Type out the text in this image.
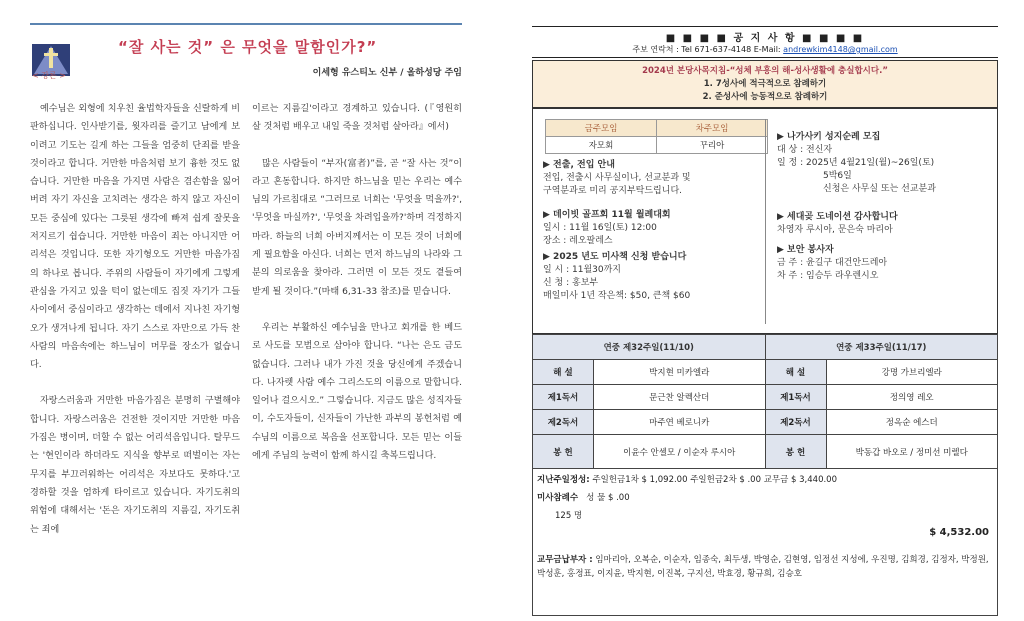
< 강론 >
“잘 사는 것” 은 무엇을 말함인가?”
이세형 유스티노 신부 / 올하성당 주임

예수님은 외형에 치우친 율법학자들을 신랄하게 비판하십니다. 인사받기를, 윗자리를 즐기고 남에게 보이려고 기도는 길게 하는 그들을 엄중히 단죄를 받을 것이라고 합니다. 거만한 마음처럼 보기 흉한 것도 없습니다. 거만한 마음을 가지면 사람은 겸손함을 잃어버려 자기 자신을 고치려는 생각은 하지 않고 자신이 모든 중심에 있다는 그릇된 생각에 빠져 쉽게 잘못을 저지르기 쉽습니다. 거만한 마음이 죄는 아니지만 어리석은 것입니다. 또한 자기형오도 거만한 마음가짐의 하나로 봅니다. 주위의 사람들이 자기에게 그렇게 관심을 가지고 있을 턱이 없는데도 집짓 자기가 그들 사이에서 중심이라고 생각하는 데에서 지나친 자기형오가 생겨나게 됩니다. 자기 스스로 자만으로 가득 찬 사람의 마음속에는 하느님이 머무를 장소가 없습니다.

자랑스러움과 거만한 마음가짐은 분명히 구별해야 합니다. 자랑스러움은 건전한 것이지만 거만한 마음가짐은 병이며, 더할 수 없는 어리석음입니다. 탈무드는 '현인이라 하더라도 지식을 향부로 떠벌이는 자는 무지를 부끄러워하는 어리석은 자보다도 못하다.'고 경하할 것을 엄하게 타이르고 있습니다. 자기도취의 위험에 대해서는 '돈은 자기도취의 지름길, 자기도취는 죄에

이르는 지름길'이라고 경계하고 있습니다. (『영원히 살 것처럼 배우고 내일 죽을 것처럼 살아라』에서)

많은 사람들이 “부자(富者)”를, 곧 “잘 사는 것”이라고 혼동합니다. 하지만 하느님을 믿는 우리는 예수님의 가르침대로 “그러므로 너희는 '무엇을 먹을까?', '무엇을 마실까?', '무엇을 차려입을까?'하며 걱정하지 마라. 하늘의 너희 아버지께서는 이 모든 것이 너희에게 필요함을 아신다. 너희는 먼저 하느님의 나라와 그분의 의로움을 찾아라. 그러면 이 모든 것도 곁들여 받게 될 것이다.”(마태 6,31-33 참조)를 믿습니다.

우리는 부활하신 예수님을 만나고 회개를 한 베드로 사도를 모범으로 삼아야 합니다. “나는 은도 금도 없습니다. 그러나 내가 가진 것을 당신에게 주겠습니다. 나자렛 사람 예수 그리스도의 이름으로 말합니다. 일어나 걸으시오.” 그렇습니다. 지금도 많은 성직자들이, 수도자들이, 신자들이 가난한 과부의 봉헌처럼 예수님의 이름으로 복음을 선포합니다. 모든 믿는 이들에게 주님의 능력이 함께 하시길 축복드립니다.

■ ■ ■ ■ 공 지 사 항 ■ ■ ■ ■
주보 연락처 : Tel 671-637-4148 E-Mail: andrewkim4148@gmail.com
2024년 본당사목지침-“성체 부흥의 해-성사생활에 충실합시다.”
1. 7성사에 적극적으로 참례하기
2. 준성사에 능동적으로 참례하기
금주모임	차주모임
자모회	꾸리아
▶ 전출, 전입 안내
전입, 전출시 사무실이나, 선교분과 및
구역분과로 미리 공지부탁드립니다.
▶ 데이빗 골프회 11월 월례대회
일시 : 11월 16일(토) 12:00
장소 : 레오팔레스
▶ 2025 년도 미사책 신청 받습니다
일 시 : 11월30까지
신 청 : 홍보부
매일미사 1년 작은책: $50, 큰책 $60
▶ 나가사키 성지순례 모집
대 상 : 전신자
일 정 : 2025년 4월21일(월)~26일(토)
5박6일
신청은 사무실 또는 선교분과
▶ 세대곶 도네이션 감사합니다
차영자 루시아, 문은숙 마리아
▶ 보안 봉사자
금 주 : 윤길구 대건안드레아
차 주 : 임승두 라우렌시오
연중 제32주일(11/10)		연중 제33주일(11/17)	
해 설	박지현 미카엘라	해 설	강명 가브리엘라
제1독서	문근찬 알렉산더	제1독서	정의영 레오
제2독서	마주연 베로니카	제2독서	정옥순 에스더
봉 헌	이윤수 안셀모 / 이순자 루시아	봉 헌	박동갑 바오로 / 정미선 미렐다
지난주일정성: 주일헌금1차 $ 1,092.00 주일헌금2차 $ .00 교무금 $ 3,440.00
미사참례수 성 물 $ .00
125 명
$ 4,532.00
교무금납부자 : 임마리아, 오복순, 이순자, 임종숙, 최두생, 박영순, 김현영, 임정선 지성에, 우진명, 김희경, 김정자, 박정원, 박성훈, 홍정표, 이지윤, 박지현, 이진복, 구지선, 박효경, 황규희, 김승호
